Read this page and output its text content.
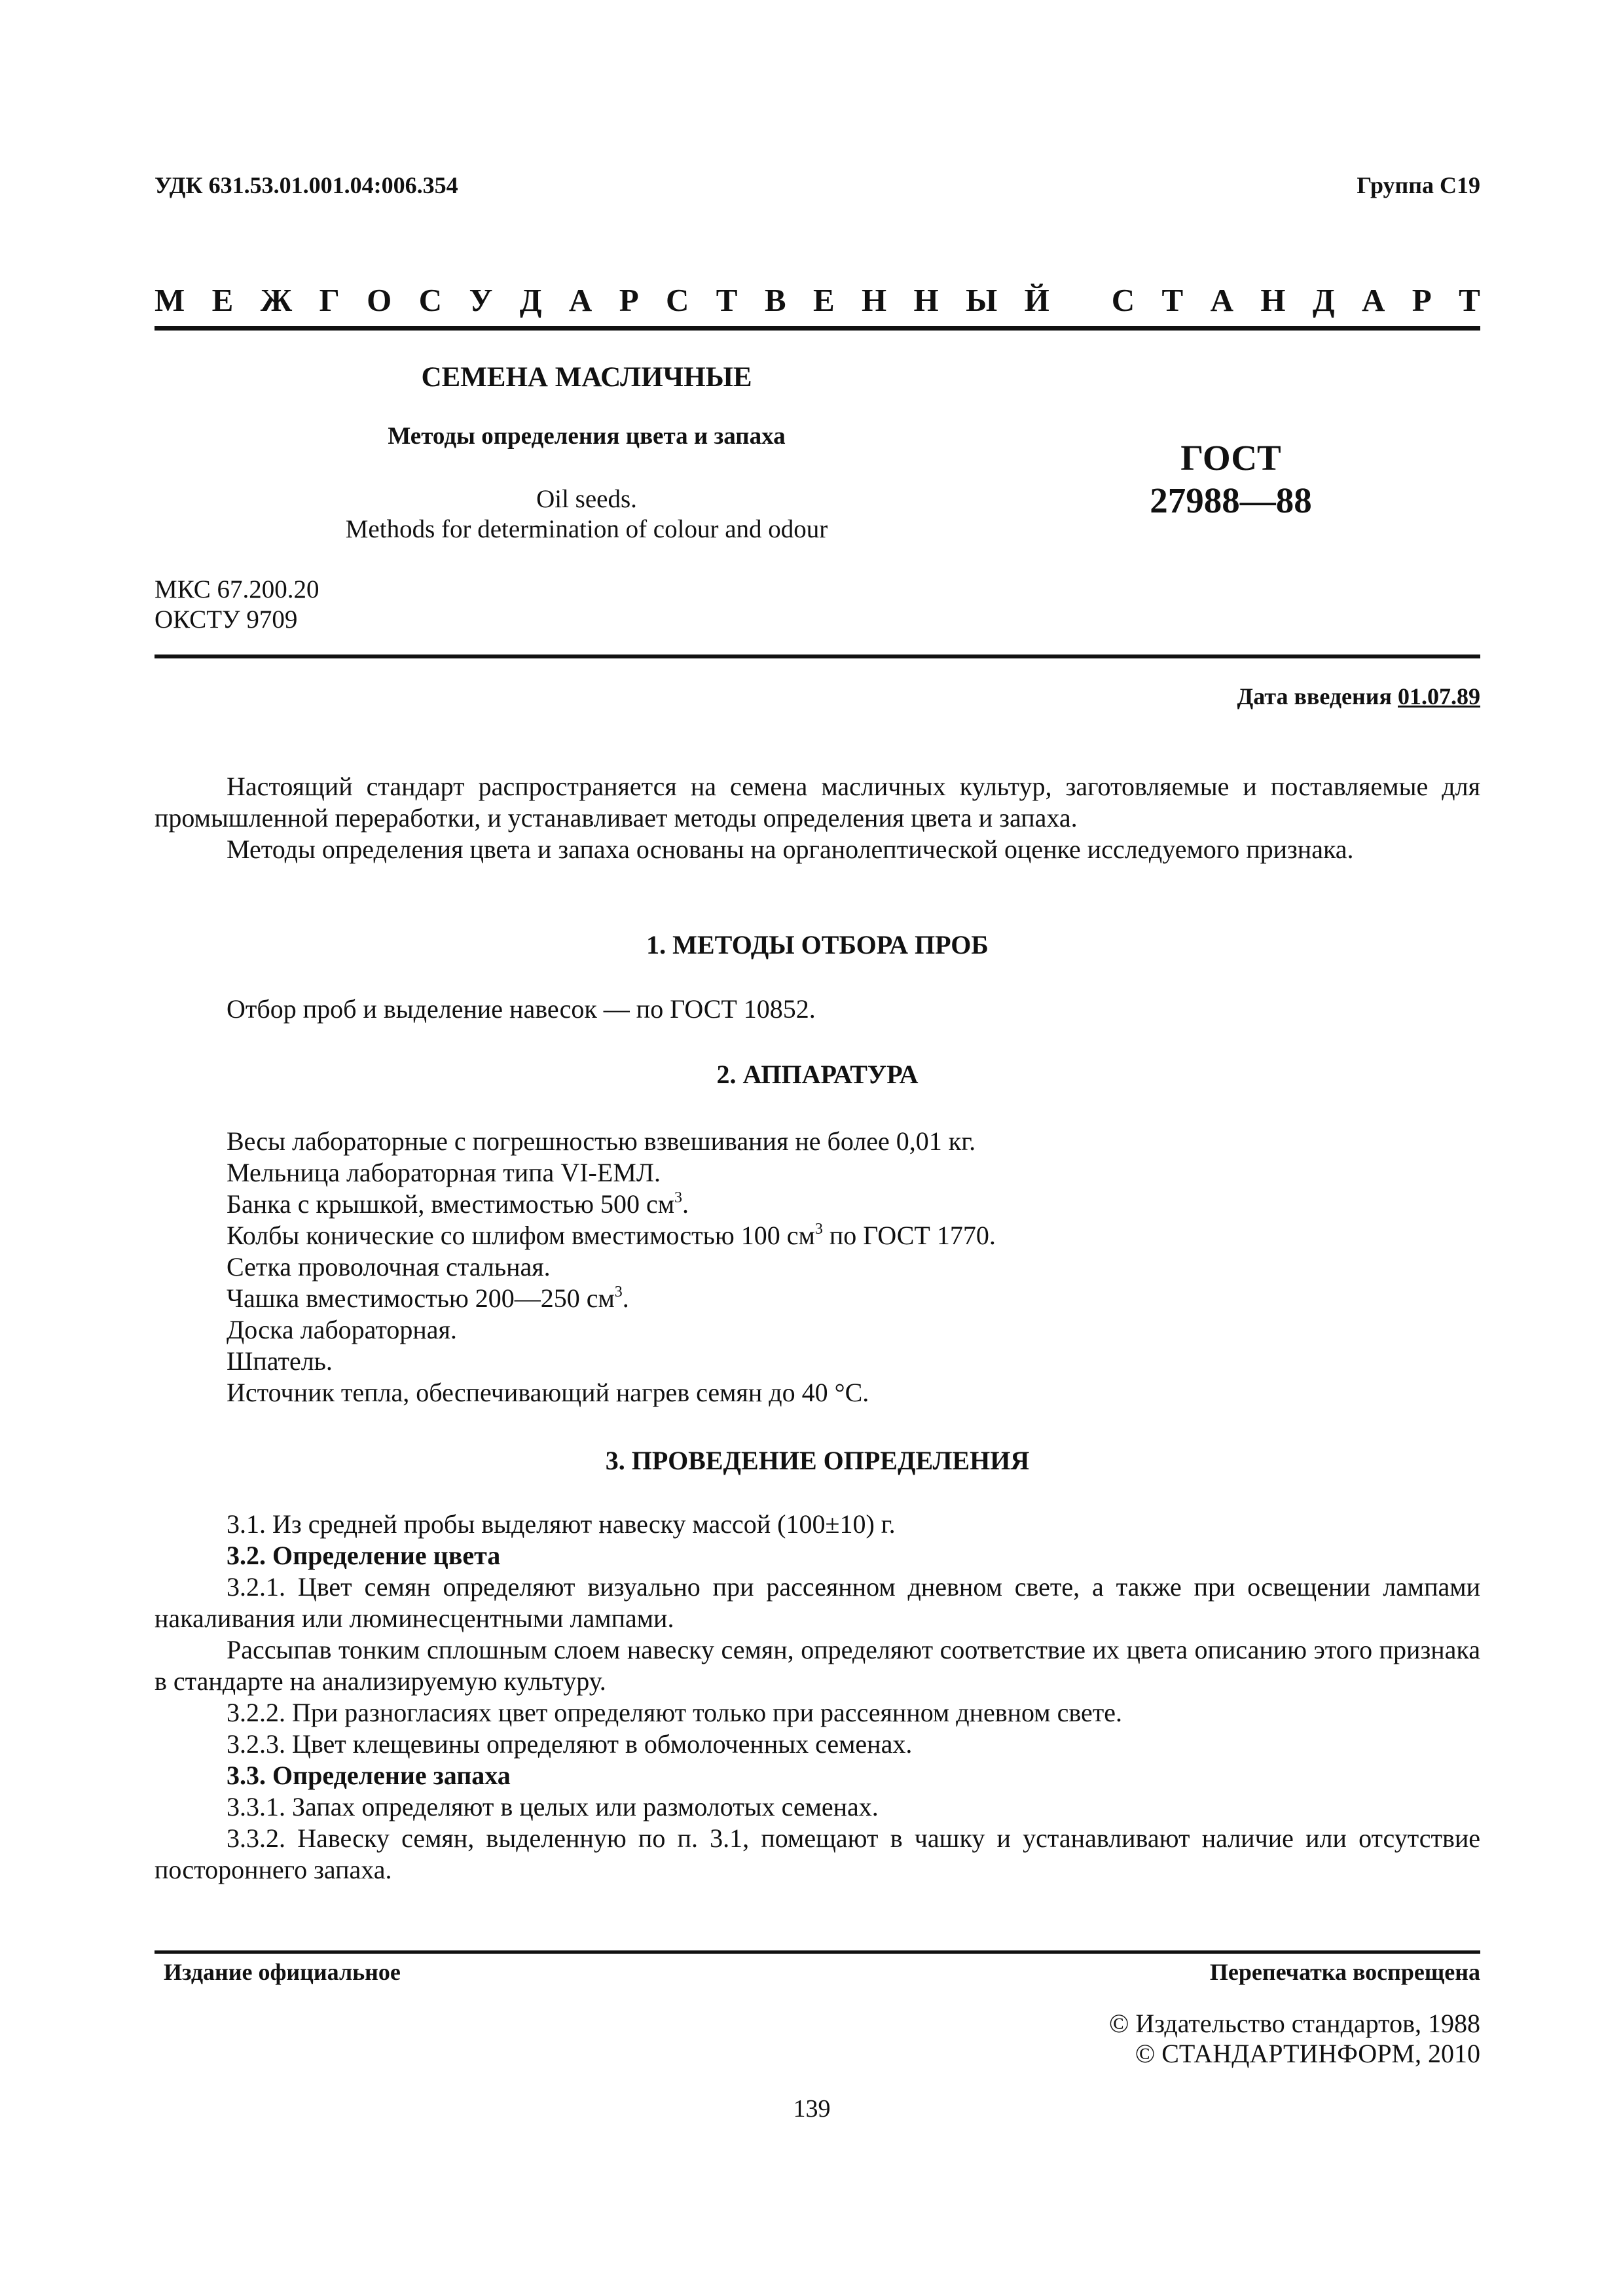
УДК 631.53.01.001.04:006.354	Группа С19
М Е Ж Г О С У Д А Р С Т В Е Н Н Ы Й
С Т А Н Д А Р Т
СЕМЕНА МАСЛИЧНЫЕ
Методы определения цвета и запаха
Oil seeds.
Methods for determination of colour and odour
ГОСТ
27988—88
МКС 67.200.20
ОКСТУ 9709
Дата введения 01.07.89
Настоящий стандарт распространяется на семена масличных культур, заготовляемые и поставляемые для промышленной переработки, и устанавливает методы определения цвета и запаха.
Методы определения цвета и запаха основаны на органолептической оценке исследуемого признака.
1. МЕТОДЫ ОТБОРА ПРОБ
Отбор проб и выделение навесок — по ГОСТ 10852.
2. АППАРАТУРА
Весы лабораторные с погрешностью взвешивания не более 0,01 кг.
Мельница лабораторная типа VI-ЕМЛ.
Банка с крышкой, вместимостью 500 $см^3$.
Колбы конические со шлифом вместимостью 100 $см^3$ по ГОСТ 1770.
Сетка проволочная стальная.
Чашка вместимостью 200—250 $см^3$.
Доска лабораторная.
Шпатель.
Источник тепла, обеспечивающий нагрев семян до 40 °С.
3. ПРОВЕДЕНИЕ ОПРЕДЕЛЕНИЯ
3.1. Из средней пробы выделяют навеску массой (100±10) г.
3.2. Определение цвета
3.2.1. Цвет семян определяют визуально при рассеянном дневном свете, а также при освещении лампами накаливания или люминесцентными лампами.
Рассыпав тонким сплошным слоем навеску семян, определяют соответствие их цвета описанию этого признака в стандарте на анализируемую культуру.
3.2.2. При разногласиях цвет определяют только при рассеянном дневном свете.
3.2.3. Цвет клещевины определяют в обмолоченных семенах.
3.3. Определение запаха
3.3.1. Запах определяют в целых или размолотых семенах.
3.3.2. Навеску семян, выделенную по п. 3.1, помещают в чашку и устанавливают наличие или отсутствие постороннего запаха.
Издание официальное	Перепечатка воспрещена
© Издательство стандартов, 1988
© СТАНДАРТИНФОРМ, 2010
139
